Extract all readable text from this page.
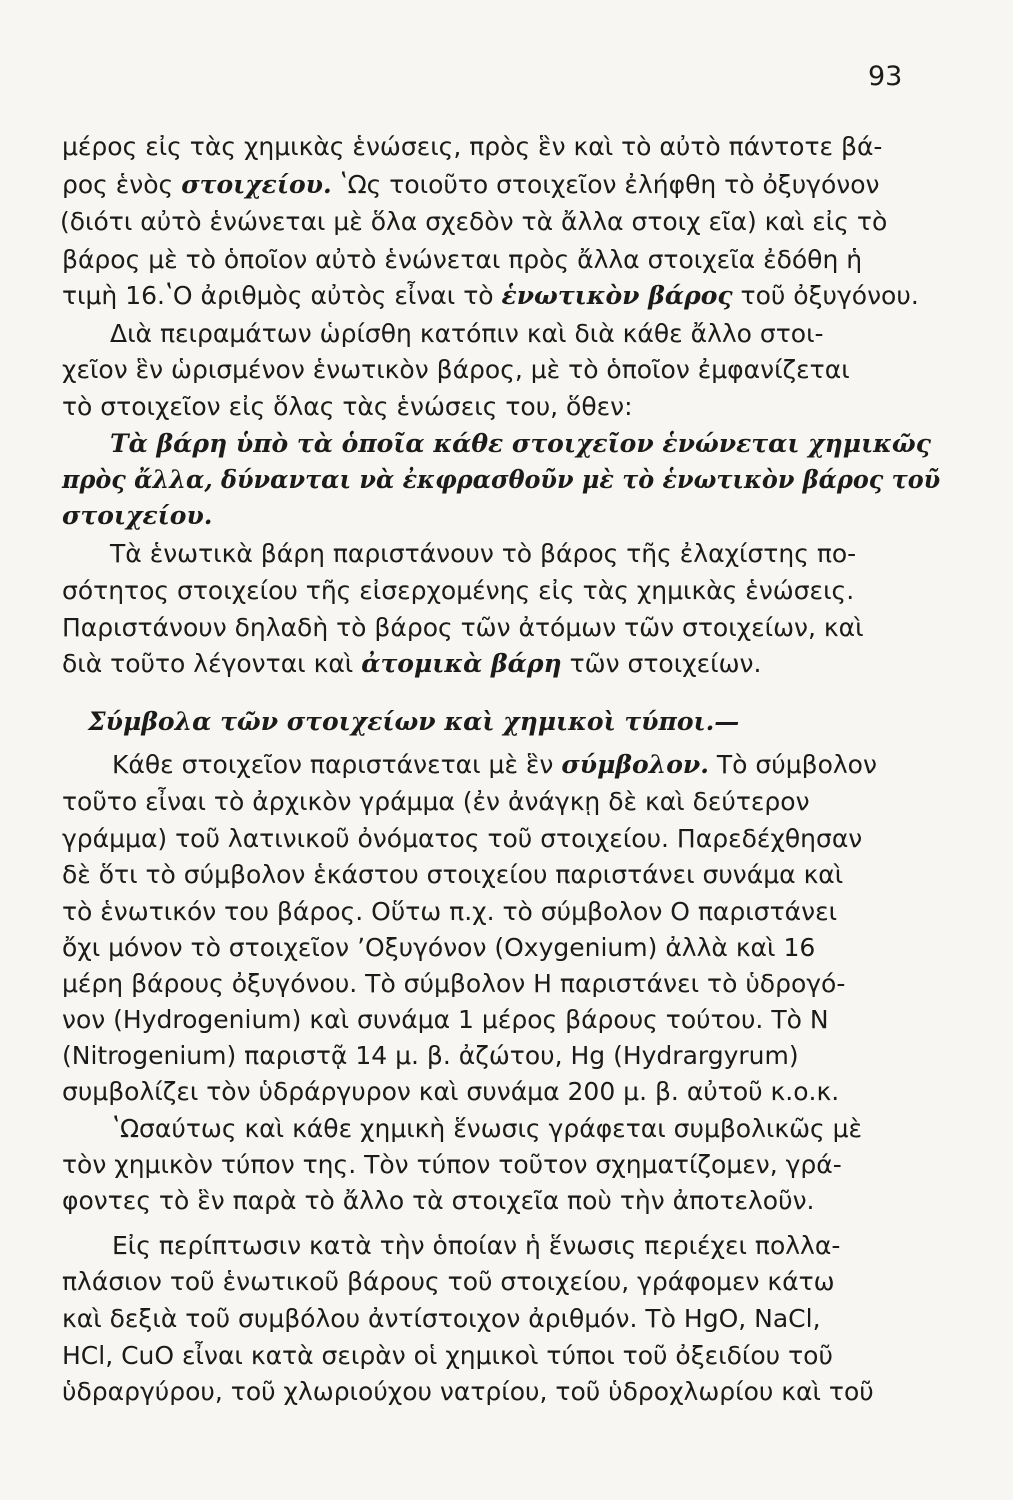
93
μέρος εἰς τὰς χημικὰς ἑνώσεις, πρὸς ἓν καὶ τὸ αὐτὸ πάντοτε βά-
ρος ἑνὸς στοιχείου. ʽΩς τοιοῦτο στοιχεῖον ἐλήφθη τὸ ὀξυγόνον
(διότι αὐτὸ ἑνώνεται μὲ ὅλα σχεδὸν τὰ ἄλλα στοιχ εῖα) καὶ εἰς τὸ
βάρος μὲ τὸ ὁποῖον αὐτὸ ἑνώνεται πρὸς ἄλλα στοιχεῖα ἐδόθη ἡ
τιμὴ 16.ʽΟ ἀριθμὸς αὐτὸς εἶναι τὸ ἑνωτικὸν βάρος τοῦ ὀξυγόνου.
Διὰ πειραμάτων ὡρίσθη κατόπιν καὶ διὰ κάθε ἄλλο στοι-
χεῖον ἓν ὡρισμένον ἑνωτικὸν βάρος, μὲ τὸ ὁποῖον ἐμφανίζεται
τὸ στοιχεῖον εἰς ὅλας τὰς ἑνώσεις του, ὅθεν:
Τὰ βάρη ὑπὸ τὰ ὁποῖα κάθε στοιχεῖον ἑνώνεται χημικῶς
πρὸς ἄλλα, δύνανται νὰ ἐκφρασθοῦν μὲ τὸ ἑνωτικὸν βάρος τοῦ
στοιχείου.
Τὰ ἑνωτικὰ βάρη παριστάνουν τὸ βάρος τῆς ἐλαχίστης πο-
σότητος στοιχείου τῆς εἰσερχομένης εἰς τὰς χημικὰς ἑνώσεις.
Παριστάνουν δηλαδὴ τὸ βάρος τῶν ἀτόμων τῶν στοιχείων, καὶ
διὰ τοῦτο λέγονται καὶ ἀτομικὰ βάρη τῶν στοιχείων.
Σύμβολα τῶν στοιχείων καὶ χημικοὶ τύποι.—
Κάθε στοιχεῖον παριστάνεται μὲ ἓν σύμβολον. Τὸ σύμβολον
τοῦτο εἶναι τὸ ἀρχικὸν γράμμα (ἐν ἀνάγκῃ δὲ καὶ δεύτερον
γράμμα) τοῦ λατινικοῦ ὀνόματος τοῦ στοιχείου. Παρεδέχθησαν
δὲ ὅτι τὸ σύμβολον ἑκάστου στοιχείου παριστάνει συνάμα καὶ
τὸ ἑνωτικόν του βάρος. Οὕτω π.χ. τὸ σύμβολον Ο παριστάνει
ὄχι μόνον τὸ στοιχεῖον ʼΟξυγόνον (Oxygenium) ἀλλὰ καὶ 16
μέρη βάρους ὀξυγόνου. Τὸ σύμβολον Η παριστάνει τὸ ὑδρογό-
νον (Hydrogenium) καὶ συνάμα 1 μέρος βάρους τούτου. Τὸ Ν
(Nitrogenium) παριστᾷ 14 μ. β. ἀζώτου, Hg (Hydrargyrum)
συμβολίζει τὸν ὑδράργυρον καὶ συνάμα 200 μ. β. αὐτοῦ κ.ο.κ.
ʽΩσαύτως καὶ κάθε χημικὴ ἕνωσις γράφεται συμβολικῶς μὲ
τὸν χημικὸν τύπον της. Τὸν τύπον τοῦτον σχηματίζομεν, γρά-
φοντες τὸ ἓν παρὰ τὸ ἄλλο τὰ στοιχεῖα ποὺ τὴν ἀποτελοῦν.
Εἰς περίπτωσιν κατὰ τὴν ὁποίαν ἡ ἕνωσις περιέχει πολλα-
πλάσιον τοῦ ἑνωτικοῦ βάρους τοῦ στοιχείου, γράφομεν κάτω
καὶ δεξιὰ τοῦ συμβόλου ἀντίστοιχον ἀριθμόν. Τὸ HgO, NaCl,
HCl, CuO εἶναι κατὰ σειρὰν οἱ χημικοὶ τύποι τοῦ ὀξειδίου τοῦ
ὑδραργύρου, τοῦ χλωριούχου νατρίου, τοῦ ὑδροχλωρίου καὶ τοῦ
